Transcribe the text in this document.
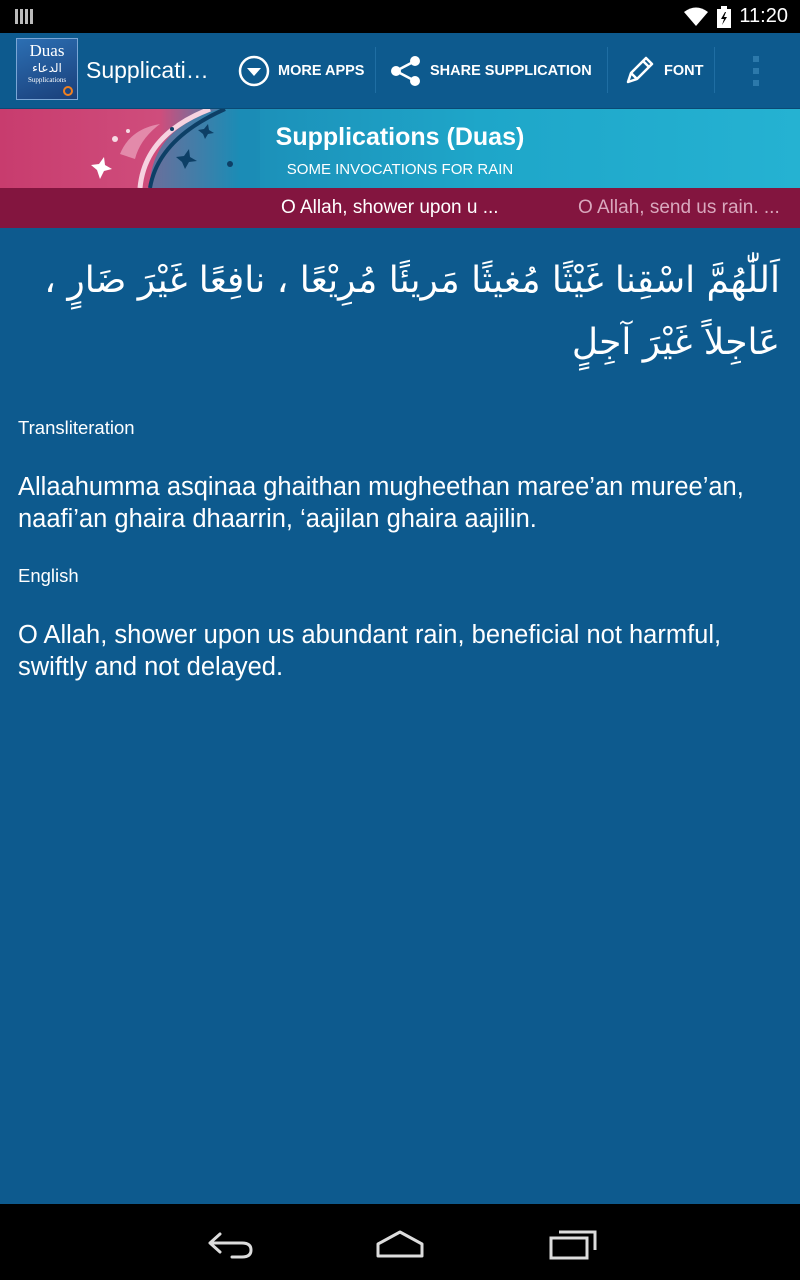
11:20
Duas
الدعاء
Supplications Supplicati…	MORE APPS	SHARE SUPPLICATION	FONT
Supplications (Duas)
SOME INVOCATIONS FOR RAIN
O Allah, shower upon u ...	O Allah, send us rain. ...
اَللّٰهُمَّ اسْقِنا غَيْثًا مُغيثًا مَريئًا مُرِيْعًا ، نافِعًا غَيْرَ ضَارٍ ، عَاجِلاً غَيْرَ آجِلٍ
Transliteration
Allaahumma asqinaa ghaithan mugheethan maree’an muree’an, naafi’an ghaira dhaarrin, ‘aajilan ghaira aajilin.
English
O Allah, shower upon us abundant rain, beneficial not harmful, swiftly and not delayed.
